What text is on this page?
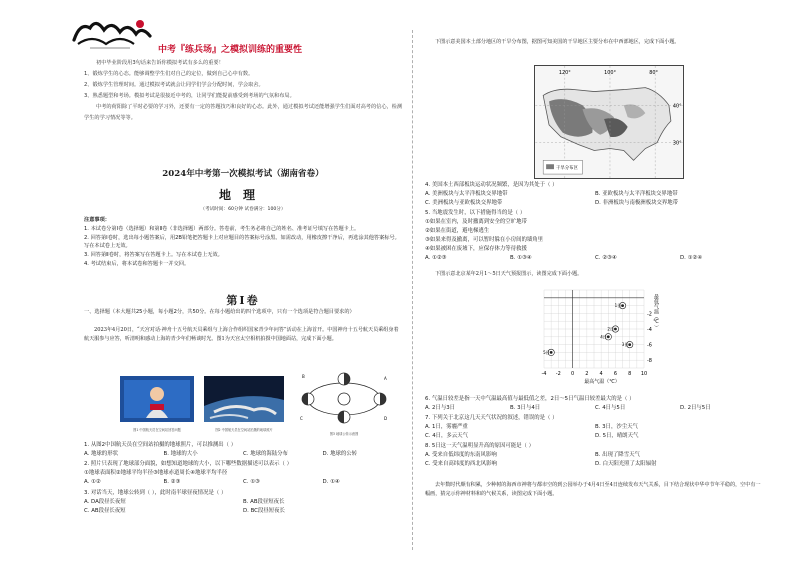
中考『练兵场』之模拟训练的重要性

初中毕业阶段用3句话来告诉你模拟考试有多么的重要！

1、锻炼学生的心态。能够调整学生们对自己的定位，做到自己心中有数。

2、锻炼学生管理时间。通过模拟考试就会让同学们学会分配时间，学会取舍。

3、熟悉题型和考场。模拟考试是很接近中考的，让同学们能提前感受到考场的气氛和布局。

中考的荷阳除了平时必要的学习外，还要有一定的答题技巧和良好的心态。此外，通过模拟考试还能增强学生们面对高考的信心，检测学生的学习情况等等。

2024年中考第一次模拟考试（湖南省卷）
地理
（考试时间：60分钟 试卷满分：100分）

注意事项：

1. 本试卷分第Ⅰ卷（选择题）和第Ⅱ卷（非选择题）两部分。答卷前，考生务必将自己的姓名、准考证号填写在答题卡上。

2. 回答第Ⅰ卷时，选出每小题答案后，用2B铅笔把答题卡上对应题目的答案标号涂黑。如需改动，用橡皮擦干净后，再选涂其他答案标号。写在本试卷上无效。

3. 回答第Ⅱ卷时，将答案写在答题卡上。写在本试卷上无效。

4. 考试结束后，将本试卷和答题卡一并交回。

第Ⅰ卷

一、选择题（本大题共25小题，每小题2分，共50分。在每小题给出的四个选项中，只有一个选项是符合题目要求的）

2023年4月20日，“天宫对话·神舟十五号航天员乘组与上海合作组织国家青少年问答”活动在上海首开。中国神舟十五号航天员乘组身着航天服参与应答，听清明和感动上海的青少年们畅谈时光。图1为天宫太空相机拍摄中国地面站，完成下面小题。

图1 中国航天员在空间站回答问题	图2 中国航天员在空间站拍摄的地球照片
B	A
C	D
图3 地球公转示意图

1. 从图2中国航天员在空间站拍摄的地球照片，可以推测出（ ）

A. 地球的形状	B. 地球的大小	C. 地球的海陆分布	D. 地球的公转

2. 照片只表现了地球部分面貌，如想知道地球的大小，以下哪些数据描述可以表示（ ）

①地球表面积②地球平均半径③地球赤道周长④地球平均半径

A. ①②	B. ②③	C. ①③	D. ①④

3. 对话当天，地球公转到（ ），此时南半球昼夜情况是（ ）

A. DA段昼长夜短	B. AB段昼短夜长
C. AB段昼长夜短	D. BC段昼短夜长

下图示意美国本土部分地区的干旱分布图，据图可知美国的干旱地区主要分布在中西部地区，完成下面小题。

120°	100°	80°
40°
30°
干旱分布区

4. 美国本土西部板块运动状况频繁，是因为其处于（ ）

A. 美洲板块与太平洋板块交界地带	B. 亚欧板块与太平洋板块交界地带
C. 美洲板块与亚欧板块交界地带	D. 非洲板块与南极洲板块交界地带

5. 当地震发生时，以下措施得当的是（ ）

①如果在室内，及时撤离到安全的空旷地带

②如果在街道，避电梯逃生

③如果来得及撤离，可以暂时躲在小房间的墙角里

④如果被困在废墟下，应保存体力等待救援

A. ①②③	B. ①③④	C. ②③④	D. ①②④

下图示意北京某年2月1～5日天气预报图示，读图完成下面小题。

-4 -2 0 2 4 6 8 10
-2
-4
-6
-8
最高气温（℃）
最低气温（℃）
1日
2日
3日
4日
5日

6. 气温日较差是指一天中气温最高值与最低值之差，2日～5日气温日较差最大的是（ ）

A. 2日与3日	B. 3日与4日	C. 4日与5日	D. 2日与5日

7. 下列关于北京这几天天气状况的叙述，错误的是（ ）

A. 1日，雾霾严重	B. 3日，沙尘天气
C. 4日，多云天气	D. 5日，晴朗天气

8. 5日这一天气温明显升高的原因可能是（ ）

A. 受来自低纬度的东南风影响	B. 出现了降雪天气
C. 受来自高纬度的西北风影响	D. 白天阳光照了太阳辐射

去年数时代颇有积累，少种树的海西市神将与都市空的到公园举办于4月4日至4日连续发布天气关系，目下结合现状中华中节年平稳的，空中有一幅画，猜完示你神材料和的气候关系，读图完成下面小题。
